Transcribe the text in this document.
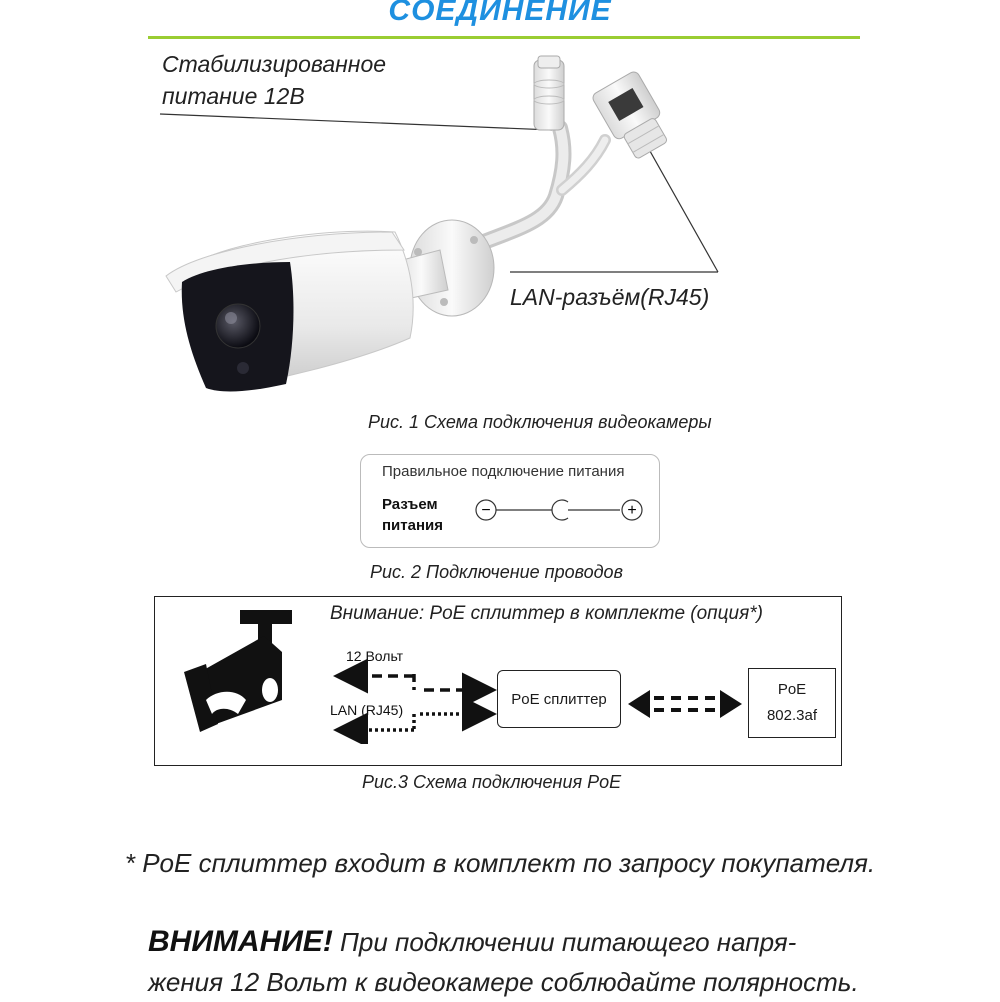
СОЕДИНЕНИЕ
Стабилизированное
питание 12В
LAN-разъём(RJ45)
Рис. 1 Схема подключения видеокамеры
Правильное подключение питания
Разъем
питания
−	+
Рис. 2 Подключение проводов
Внимание: PoE сплиттер в комплекте (опция*)
12 Вольт
LAN (RJ45)
PoE сплиттер
PoE
802.3af
Рис.3 Схема подключения PoE
* PoE сплиттер входит в комплект по запросу покупателя.
ВНИМАНИЕ! При подключении питающего напря-жения 12 Вольт к видеокамере соблюдайте полярность.
